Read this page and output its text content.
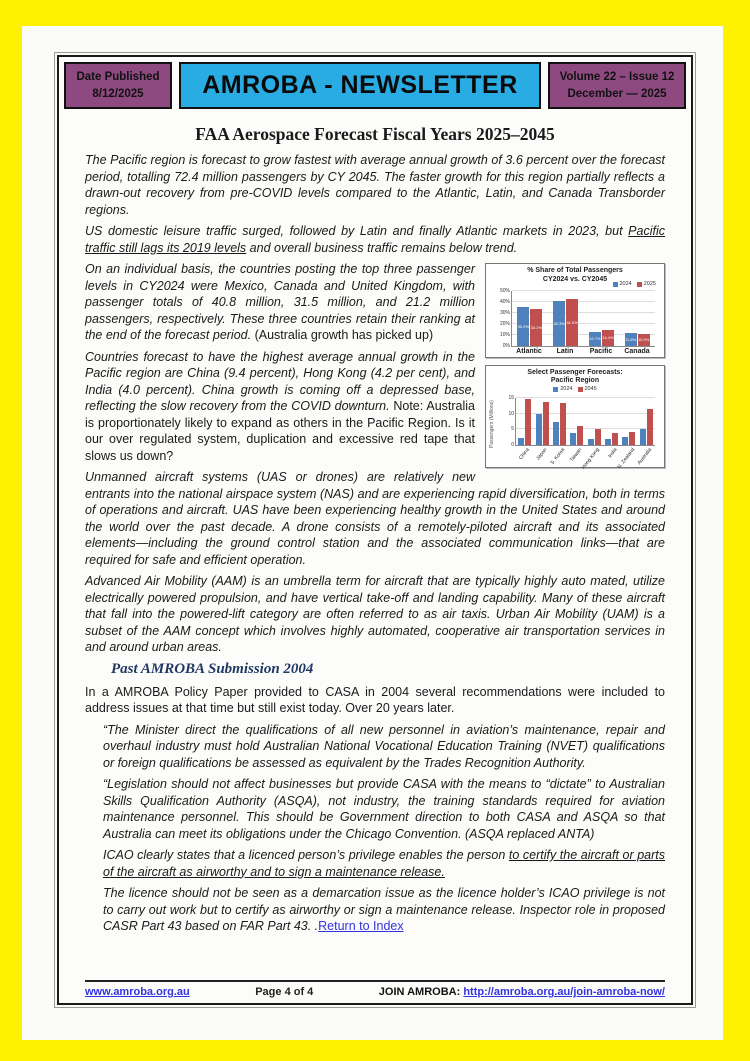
Date Published
8/12/2025	AMROBA - NEWSLETTER	Volume 22 – Issue 12
December — 2025
FAA Aerospace Forecast Fiscal Years 2025–2045

The Pacific region is forecast to grow fastest with average annual growth of 3.6 percent over the forecast period, totalling 72.4 million passengers by CY 2045. The faster growth for this region partially reflects a drawn-out recovery from pre-COVID levels compared to the Atlantic, Latin, and Canada Transborder regions.

US domestic leisure traffic surged, followed by Latin and finally Atlantic markets in 2023, but Pacific traffic still lags its 2019 levels and overall business traffic remains below trend.

% Share of Total Passengers
CY2024 vs. CY2045
2024	2025
0%
10%
20%
30%
40%
50%
35.2% 33.2%
40.3% 41.9%
12.7% 14.4%	11.8% 10.5%
Atlantic	Latin	Pacific	Canada
Select Passenger Forecasts:
Pacific Region
2024	2045
Passengers (Millions)	0
5
10
15
China Japan S. Korea Taiwan
Hong Kong India
N. Zealand Australia

On an individual basis, the countries posting the top three passenger levels in CY2024 were Mexico, Canada and United Kingdom, with passenger totals of 40.8 million, 31.5 million, and 21.2 million passengers, respectively. These three countries retain their ranking at the end of the forecast period. (Australia growth has picked up)

Countries forecast to have the highest average annual growth in the Pacific region are China (9.4 percent), Hong Kong (4.2 per cent), and India (4.0 percent). China growth is coming off a depressed base, reflecting the slow recovery from the COVID downturn. Note: Australia is proportionately likely to expand as others in the Pacific Region. Is it our over regulated system, duplication and excessive red tape that slows us down?

Unmanned aircraft systems (UAS or drones) are relatively new entrants into the national airspace system (NAS) and are experiencing rapid diversification, both in terms of operations and aircraft. UAS have been experiencing healthy growth in the United States and around the world over the past decade. A drone consists of a remotely-piloted aircraft and its associated elements—including the ground control station and the associated communication links—that are required for safe and efficient operation.

Advanced Air Mobility (AAM) is an umbrella term for aircraft that are typically highly auto mated, utilize electrically powered propulsion, and have vertical take-off and landing capability. Many of these aircraft that fall into the powered-lift category are often referred to as air taxis. Urban Air Mobility (UAM) is a subset of the AAM concept which involves highly automated, cooperative air transportation services in and around urban areas.

Past AMROBA Submission 2004

In a AMROBA Policy Paper provided to CASA in 2004 several recommendations were included to address issues at that time but still exist today. Over 20 years later.

“The Minister direct the qualifications of all new personnel in aviation’s maintenance, repair and overhaul industry must hold Australian National Vocational Education Training (NVET) qualifications or foreign qualifications be assessed as equivalent by the Trades Recognition Authority.

“Legislation should not affect businesses but provide CASA with the means to “dictate” to Australian Skills Qualification Authority (ASQA), not industry, the training standards required for aviation maintenance personnel. This should be Government direction to both CASA and ASQA so that Australia can meet its obligations under the Chicago Convention. (ASQA replaced ANTA)

ICAO clearly states that a licenced person’s privilege enables the person to certify the aircraft or parts of the aircraft as airworthy and to sign a maintenance release.

The licence should not be seen as a demarcation issue as the licence holder’s ICAO privilege is not to carry out work but to certify as airworthy or sign a maintenance release. Inspector role in proposed CASR Part 43 based on FAR Part 43. .Return to Index

www.amroba.org.au	Page 4 of 4	JOIN AMROBA: http://amroba.org.au/join-amroba-now/
